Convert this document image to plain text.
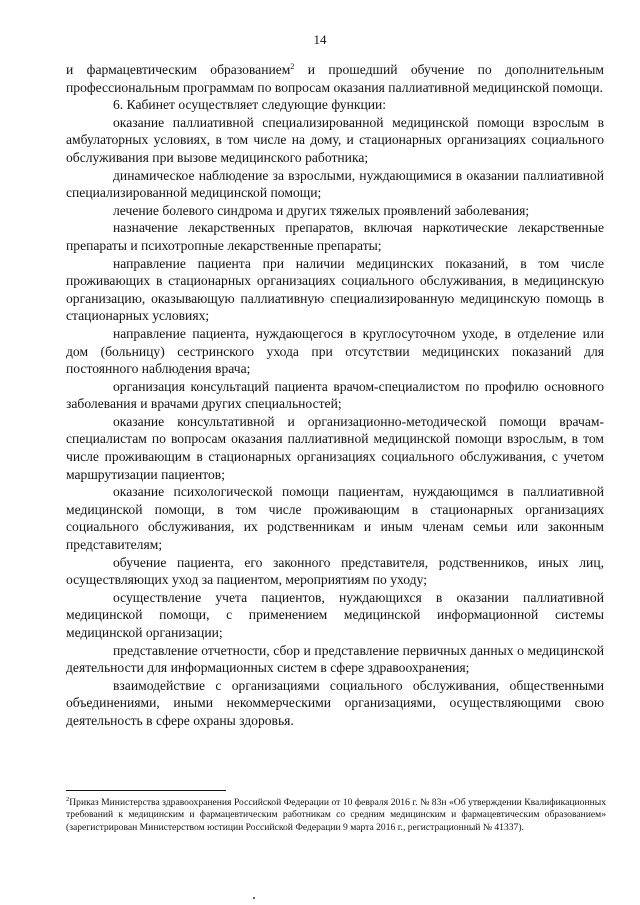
14

и фармацевтическим образованием$^2$ и прошедший обучение по дополнительным профессиональным программам по вопросам оказания паллиативной медицинской помощи.

6. Кабинет осуществляет следующие функции:

оказание паллиативной специализированной медицинской помощи взрослым в амбулаторных условиях, в том числе на дому, и стационарных организациях социального обслуживания при вызове медицинского работника;

динамическое наблюдение за взрослыми, нуждающимися в оказании паллиативной специализированной медицинской помощи;

лечение болевого синдрома и других тяжелых проявлений заболевания;

назначение лекарственных препаратов, включая наркотические лекарственные препараты и психотропные лекарственные препараты;

направление пациента при наличии медицинских показаний, в том числе проживающих в стационарных организациях социального обслуживания, в медицинскую организацию, оказывающую паллиативную специализированную медицинскую помощь в стационарных условиях;

направление пациента, нуждающегося в круглосуточном уходе, в отделение или дом (больницу) сестринского ухода при отсутствии медицинских показаний для постоянного наблюдения врача;

организация консультаций пациента врачом-специалистом по профилю основного заболевания и врачами других специальностей;

оказание консультативной и организационно-методической помощи врачам-специалистам по вопросам оказания паллиативной медицинской помощи взрослым, в том числе проживающим в стационарных организациях социального обслуживания, с учетом маршрутизации пациентов;

оказание психологической помощи пациентам, нуждающимся в паллиативной медицинской помощи, в том числе проживающим в стационарных организациях социального обслуживания, их родственникам и иным членам семьи или законным представителям;

обучение пациента, его законного представителя, родственников, иных лиц, осуществляющих уход за пациентом, мероприятиям по уходу;

осуществление учета пациентов, нуждающихся в оказании паллиативной медицинской помощи, с применением медицинской информационной системы медицинской организации;

представление отчетности, сбор и представление первичных данных о медицинской деятельности для информационных систем в сфере здравоохранения;

взаимодействие с организациями социального обслуживания, общественными объединениями, иными некоммерческими организациями, осуществляющими свою деятельность в сфере охраны здоровья.

$^2$Приказ Министерства здравоохранения Российской Федерации от 10 февраля 2016 г. № 83н «Об утверждении Квалификационных требований к медицинским и фармацевтическим работникам со средним медицинским и фармацевтическим образованием» (зарегистрирован Министерством юстиции Российской Федерации 9 марта 2016 г., регистрационный № 41337).
